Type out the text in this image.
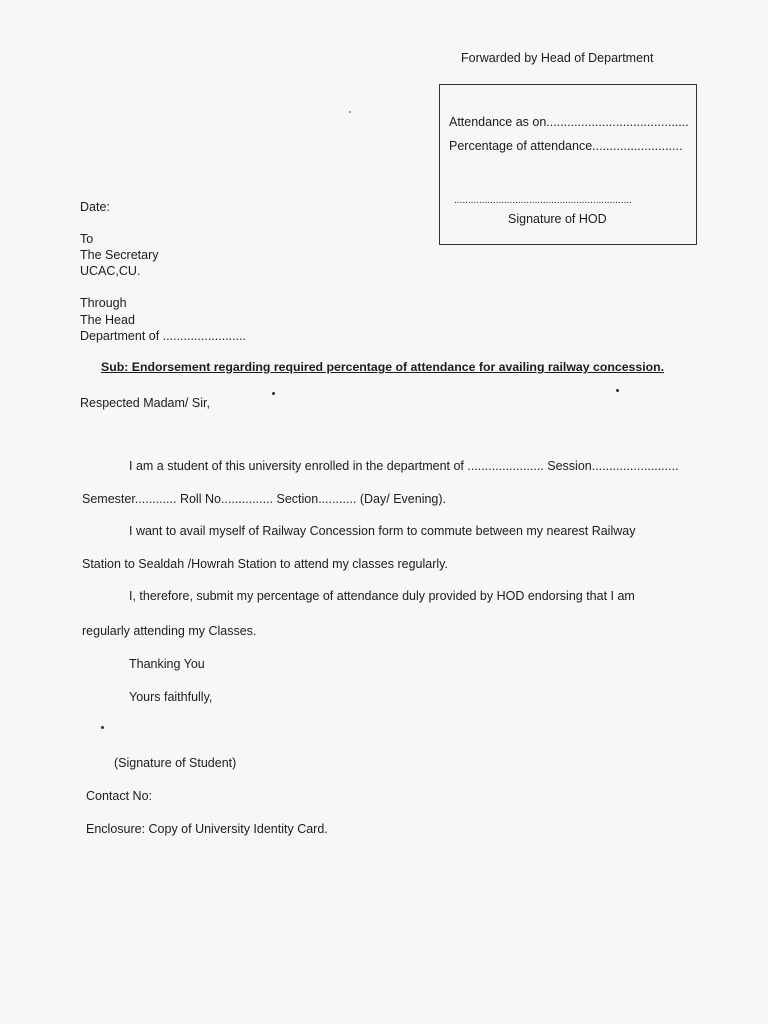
Forwarded by Head of Department
Attendance as on.........................................
Percentage of attendance..........................
................................................................
Signature of HOD
Date:
To
The Secretary
UCAC,CU.
Through
The Head
Department of ........................
Sub: Endorsement regarding required percentage of attendance for availing railway concession.
Respected Madam/ Sir,
I am a student of this university enrolled in the department of ...................... Session.........................
Semester............ Roll No............... Section........... (Day/ Evening).
I want to avail myself of Railway Concession form to commute between my nearest Railway
Station to Sealdah /Howrah Station to attend my classes regularly.
I, therefore, submit my percentage of attendance duly provided by HOD endorsing that I am
regularly attending my Classes.
Thanking You
Yours faithfully,
(Signature of Student)
Contact No:
Enclosure: Copy of University Identity Card.
